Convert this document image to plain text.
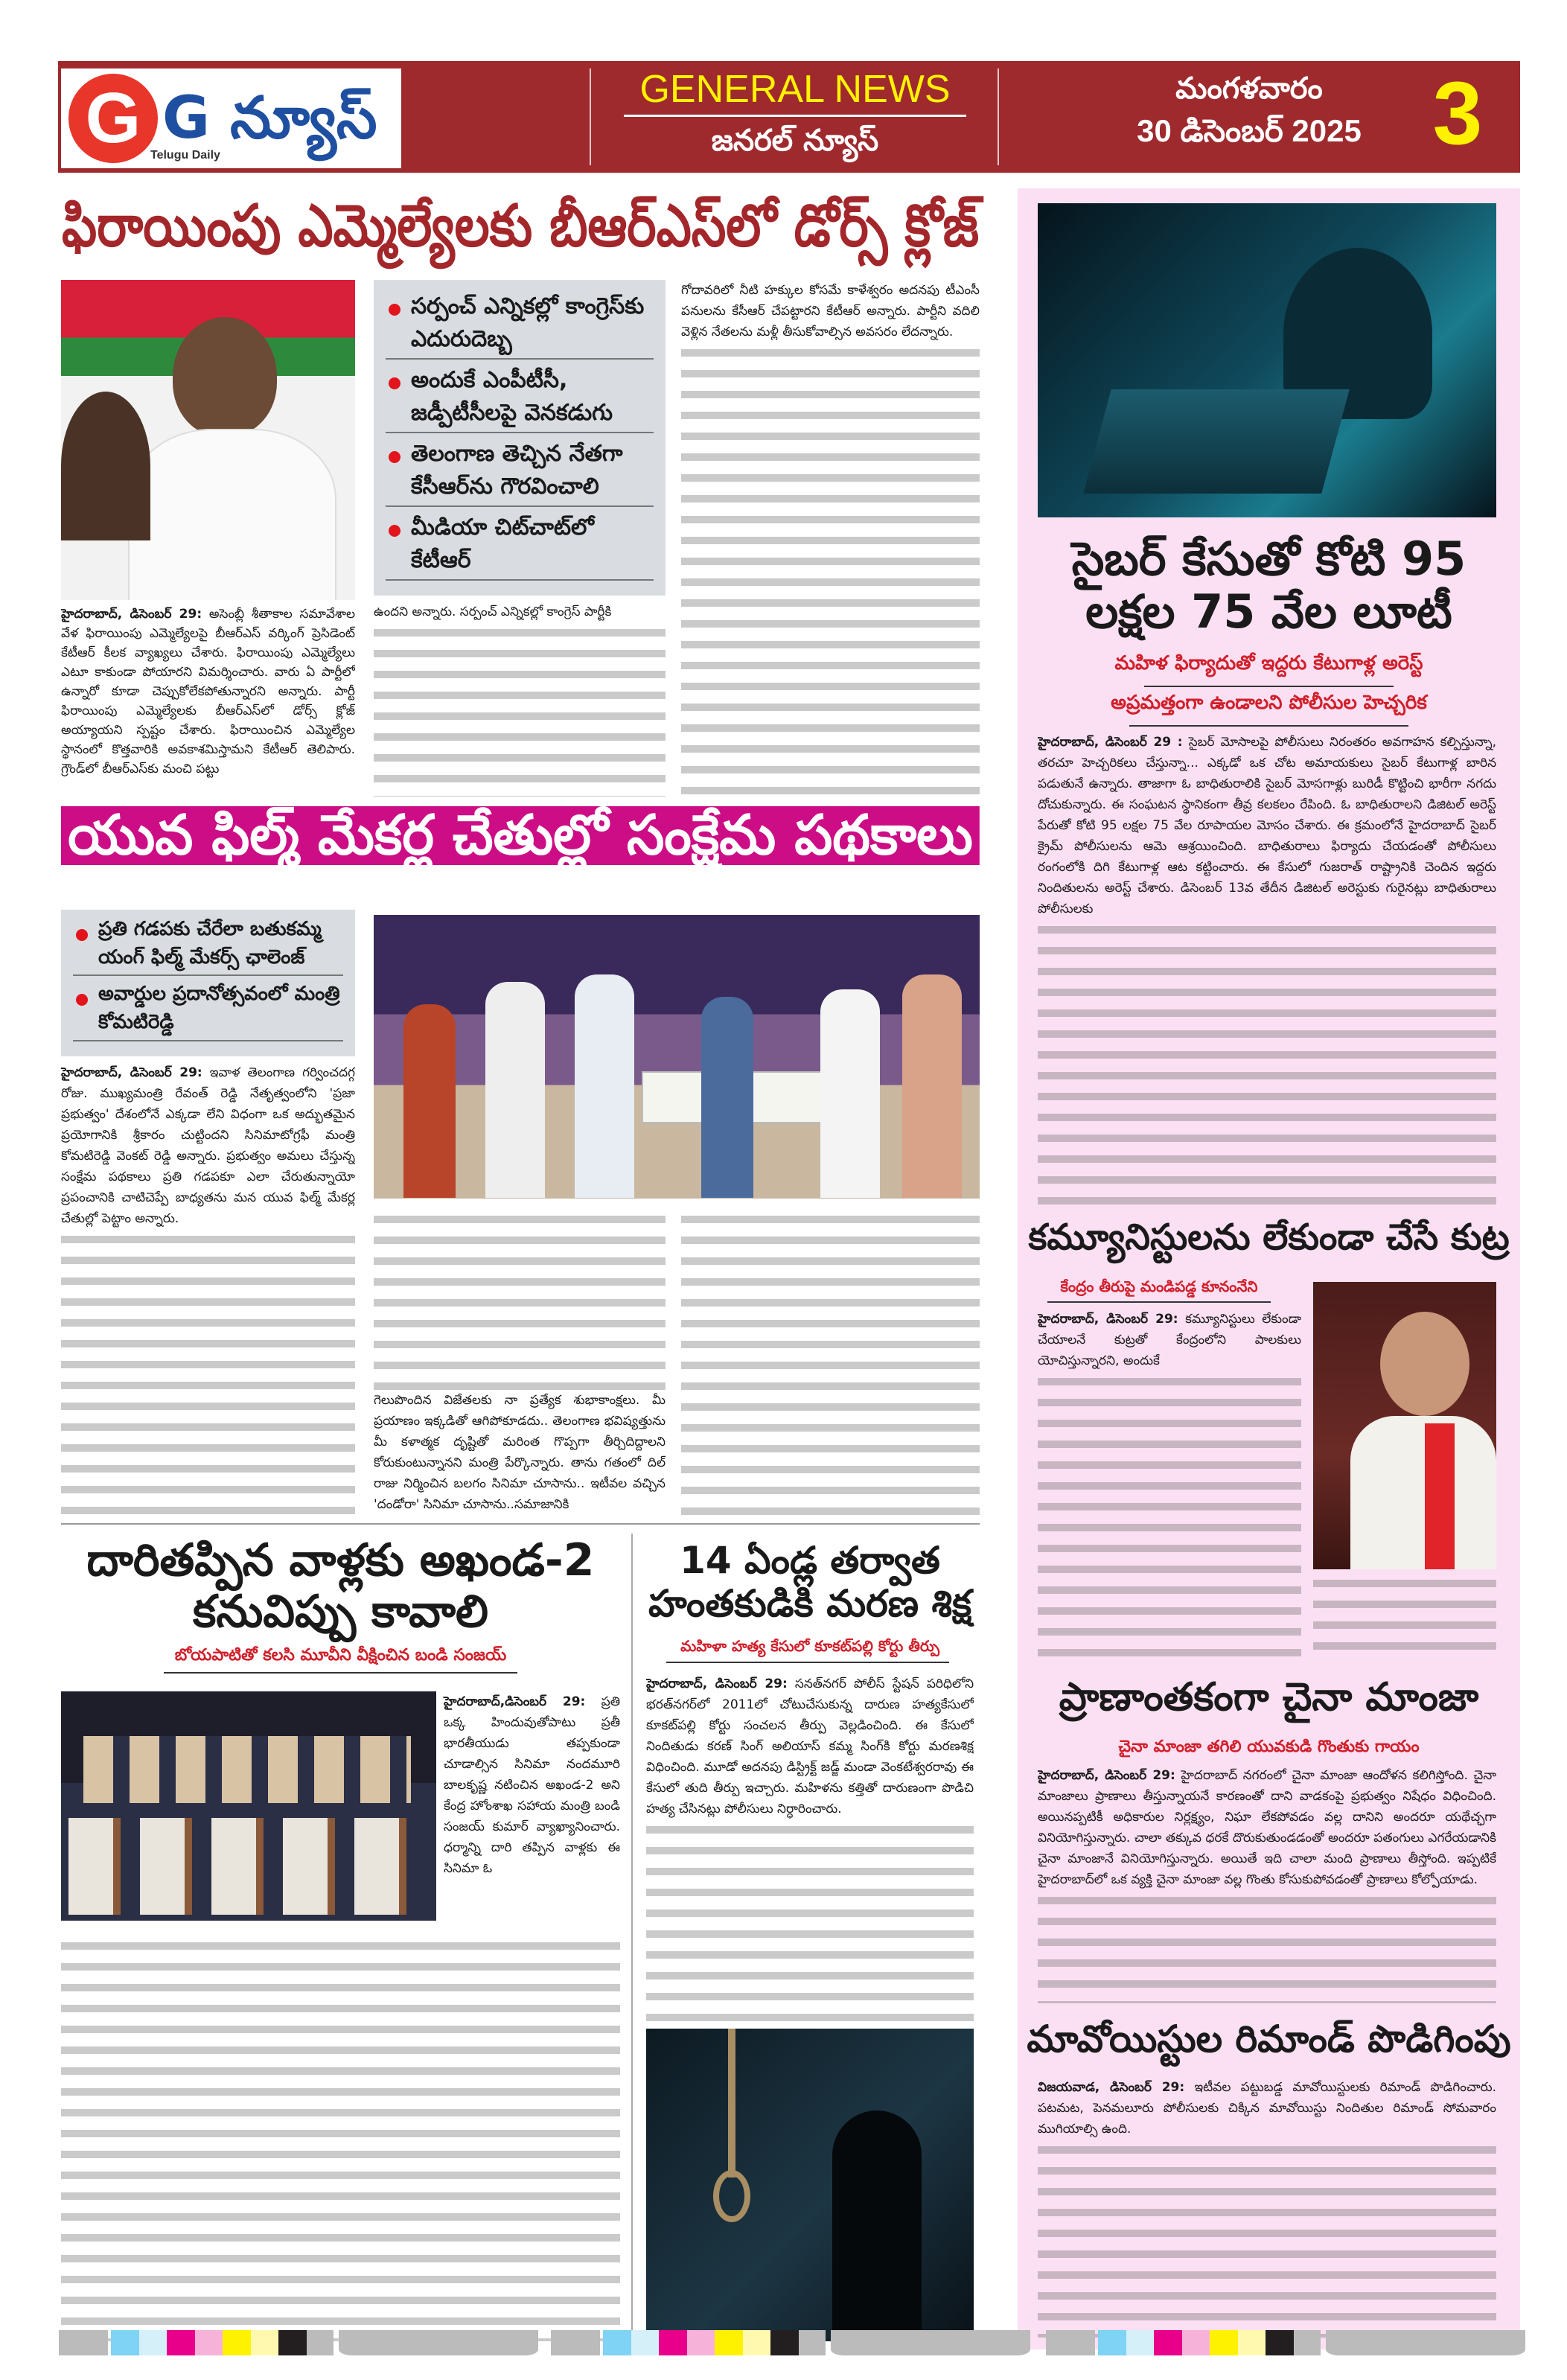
G G న్యూస్
Telugu Daily
GENERAL NEWS
జనరల్ న్యూస్
మంగళవారం
30 డిసెంబర్ 2025 3
ఫిరాయింపు ఎమ్మెల్యేలకు బీఆర్ఎస్‌లో డోర్స్ క్లోజ్
సర్పంచ్ ఎన్నికల్లో కాంగ్రెస్‌కు ఎదురుదెబ్బ
అందుకే ఎంపీటీసీ, జడ్పీటీసీలపై వెనకడుగు
తెలంగాణ తెచ్చిన నేతగా కేసీఆర్‌ను గౌరవించాలి
మీడియా చిట్‌చాట్‌లో కేటీఆర్

ఉందని అన్నారు. సర్పంచ్ ఎన్నికల్లో కాంగ్రెస్ పార్టీకి

హైదరాబాద్, డిసెంబర్ 29: అసెంబ్లీ శీతాకాల సమావేశాల వేళ ఫిరాయింపు ఎమ్మెల్యేలపై బీఆర్ఎస్ వర్కింగ్ ప్రెసిడెంట్ కేటీఆర్ కీలక వ్యాఖ్యలు చేశారు. ఫిరాయింపు ఎమ్మెల్యేలు ఎటూ కాకుండా పోయారని విమర్శించారు. వారు ఏ పార్టీలో ఉన్నారో కూడా చెప్పుకోలేకపోతున్నారని అన్నారు. పార్టీ ఫిరాయింపు ఎమ్మెల్యేలకు బీఆర్ఎస్‌లో డోర్స్ క్లోజ్ అయ్యాయని స్పష్టం చేశారు. ఫిరాయించిన ఎమ్మెల్యేల స్థానంలో కొత్తవారికి అవకాశమిస్తామని కేటీఆర్ తెలిపారు. గ్రౌండ్‌లో బీఆర్ఎస్‌కు మంచి పట్టు

గోదావరిలో నీటి హక్కుల కోసమే కాళేశ్వరం అదనపు టీఎంసీ పనులను కేసీఆర్ చేపట్టారని కేటీఆర్ అన్నారు. పార్టీని వదిలి వెళ్లిన నేతలను మళ్లీ తీసుకోవాల్సిన అవసరం లేదన్నారు.

యువ ఫిల్మ్ మేకర్ల చేతుల్లో సంక్షేమ పథకాలు
ప్రతి గడపకు చేరేలా బతుకమ్మ యంగ్ ఫిల్మ్ మేకర్స్ ఛాలెంజ్‌
అవార్డుల ప్రదానోత్సవంలో మంత్రి కోమటిరెడ్డి

హైదరాబాద్, డిసెంబర్ 29: ఇవాళ తెలంగాణ గర్వించదగ్గ రోజు. ముఖ్యమంత్రి రేవంత్ రెడ్డి నేతృత్వంలోని 'ప్రజా ప్రభుత్వం' దేశంలోనే ఎక్కడా లేని విధంగా ఒక అద్భుతమైన ప్రయోగానికి శ్రీకారం చుట్టిందని సినిమాటోగ్రఫీ మంత్రి కోమటిరెడ్డి వెంకట్ రెడ్డి అన్నారు. ప్రభుత్వం అమలు చేస్తున్న సంక్షేమ పథకాలు ప్రతి గడపకూ ఎలా చేరుతున్నాయో ప్రపంచానికి చాటిచెప్పే బాధ్యతను మన యువ ఫిల్మ్ మేకర్ల చేతుల్లో పెట్టాం అన్నారు.

గెలుపొందిన విజేతలకు నా ప్రత్యేక శుభాకాంక్షలు. మీ ప్రయాణం ఇక్కడితో ఆగిపోకూడదు.. తెలంగాణ భవిష్యత్తును మీ కళాత్మక దృష్టితో మరింత గొప్పగా తీర్చిదిద్దాలని కోరుకుంటున్నానని మంత్రి పేర్కొన్నారు. తాను గతంలో దిల్ రాజు నిర్మించిన బలగం సినిమా చూసాను.. ఇటీవల వచ్చిన 'దండోరా' సినిమా చూసాను..సమాజానికి

దారితప్పిన వాళ్లకు అఖండ-2 కనువిప్పు కావాలి
బోయపాటితో కలసి మూవీని వీక్షించిన బండి సంజయ్

హైదరాబాద్,డిసెంబర్ 29: ప్రతి ఒక్క హిందువుతోపాటు ప్రతీ భారతీయుడు తప్పకుండా చూడాల్సిన సినిమా నందమూరి బాలకృష్ణ నటించిన అఖండ-2 అని కేంద్ర హోంశాఖ సహాయ మంత్రి బండి సంజయ్ కుమార్ వ్యాఖ్యానించారు. ధర్మాన్ని దారి తప్పిన వాళ్లకు ఈ సినిమా ఓ

14 ఏండ్ల తర్వాత హంతకుడికి మరణ శిక్ష
మహిళా హత్య కేసులో కూకట్‌పల్లి కోర్టు తీర్పు

హైదరాబాద్, డిసెంబర్ 29: సనత్‌నగర్ పోలీస్ స్టేషన్ పరిధిలోని భరత్‌నగర్‌లో 2011లో చోటుచేసుకున్న దారుణ హత్యకేసులో కూకట్‌పల్లి కోర్టు సంచలన తీర్పు వెల్లడించింది. ఈ కేసులో నిందితుడు కరణ్ సింగ్ అలియాస్ కమ్మ సింగ్‌కి కోర్టు మరణశిక్ష విధించింది. మూడో అదనపు డిస్ట్రిక్ట్ జడ్జ్ మండా వెంకటేశ్వరరావు ఈ కేసులో తుది తీర్పు ఇచ్చారు. మహిళను కత్తితో దారుణంగా పొడిచి హత్య చేసినట్లు పోలీసులు నిర్ధారించారు.

సైబర్ కేసుతో కోటి 95 లక్షల 75 వేల లూటీ
మహిళ ఫిర్యాదుతో ఇద్దరు కేటుగాళ్ల అరెస్ట్
అప్రమత్తంగా ఉండాలని పోలీసుల హెచ్చరిక

హైదరాబాద్, డిసెంబర్ 29 : సైబర్ మోసాలపై పోలీసులు నిరంతరం అవగాహన కల్పిస్తున్నా, తరచూ హెచ్చరికలు చేస్తున్నా... ఎక్కడో ఒక చోట అమాయకులు సైబర్ కేటుగాళ్ల బారిన పడుతునే ఉన్నారు. తాజాగా ఓ బాధితురాలికి సైబర్ మోసగాళ్లు బురిడీ కొట్టించి భారీగా నగదు దోచుకున్నారు. ఈ సంఘటన స్థానికంగా తీవ్ర కలకలం రేపింది. ఓ బాధితురాలని డిజిటల్ అరెస్ట్ పేరుతో కోటి 95 లక్షల 75 వేల రూపాయల మోసం చేశారు. ఈ క్రమంలోనే హైదరాబాద్ సైబర్ క్రైమ్ పోలీసులను ఆమె ఆశ్రయించింది. బాధితురాలు ఫిర్యాదు చేయడంతో పోలీసులు రంగంలోకి దిగి కేటుగాళ్ల ఆట కట్టించారు. ఈ కేసులో గుజరాత్ రాష్ట్రానికి చెందిన ఇద్దరు నిందితులను అరెస్ట్ చేశారు. డిసెంబర్ 13వ తేదీన డిజిటల్ అరెస్టుకు గురైనట్లు బాధితురాలు పోలీసులకు

కమ్యూనిస్టులను లేకుండా చేసే కుట్ర
కేంద్రం తీరుపై మండిపడ్డ కూనంనేని

హైదరాబాద్, డిసెంబర్ 29: కమ్యూనిస్టులు లేకుండా చేయాలనే కుట్రతో కేంద్రంలోని పాలకులు యోచిస్తున్నారని, అందుకే

ప్రాణాంతకంగా చైనా మాంజా
చైనా మాంజా తగిలి యువకుడి గొంతుకు గాయం

హైదరాబాద్, డిసెంబర్ 29: హైదరాబాద్ నగరంలో చైనా మాంజా ఆందోళన కలిగిస్తోంది. చైనా మాంజాలు ప్రాణాలు తీస్తున్నాయనే కారణంతో దాని వాడకంపై ప్రభుత్వం నిషేధం విధించింది. అయినప్పటికీ అధికారుల నిర్లక్ష్యం, నిఘా లేకపోవడం వల్ల దానిని అందరూ యథేచ్ఛగా వినియోగిస్తున్నారు. చాలా తక్కువ ధరకే దొరుకుతుండడంతో అందరూ పతంగులు ఎగరేయడానికి చైనా మాంజానే వినియోగిస్తున్నారు. అయితే ఇది చాలా మంది ప్రాణాలు తీస్తోంది. ఇప్పటికే హైదరాబాద్‌లో ఒక వ్యక్తి చైనా మాంజా వల్ల గొంతు కోసుకుపోవడంతో ప్రాణాలు కోల్పోయాడు.

మావోయిస్టుల రిమాండ్ పొడిగింపు

విజయవాడ, డిసెంబర్ 29: ఇటీవల పట్టుబడ్డ మావోయిస్టులకు రిమాండ్ పొడిగించారు. పటమట, పెనమలూరు పోలీసులకు చిక్కిన మావోయిస్టు నిందితుల రిమాండ్ సోమవారం ముగియాల్సి ఉంది.
